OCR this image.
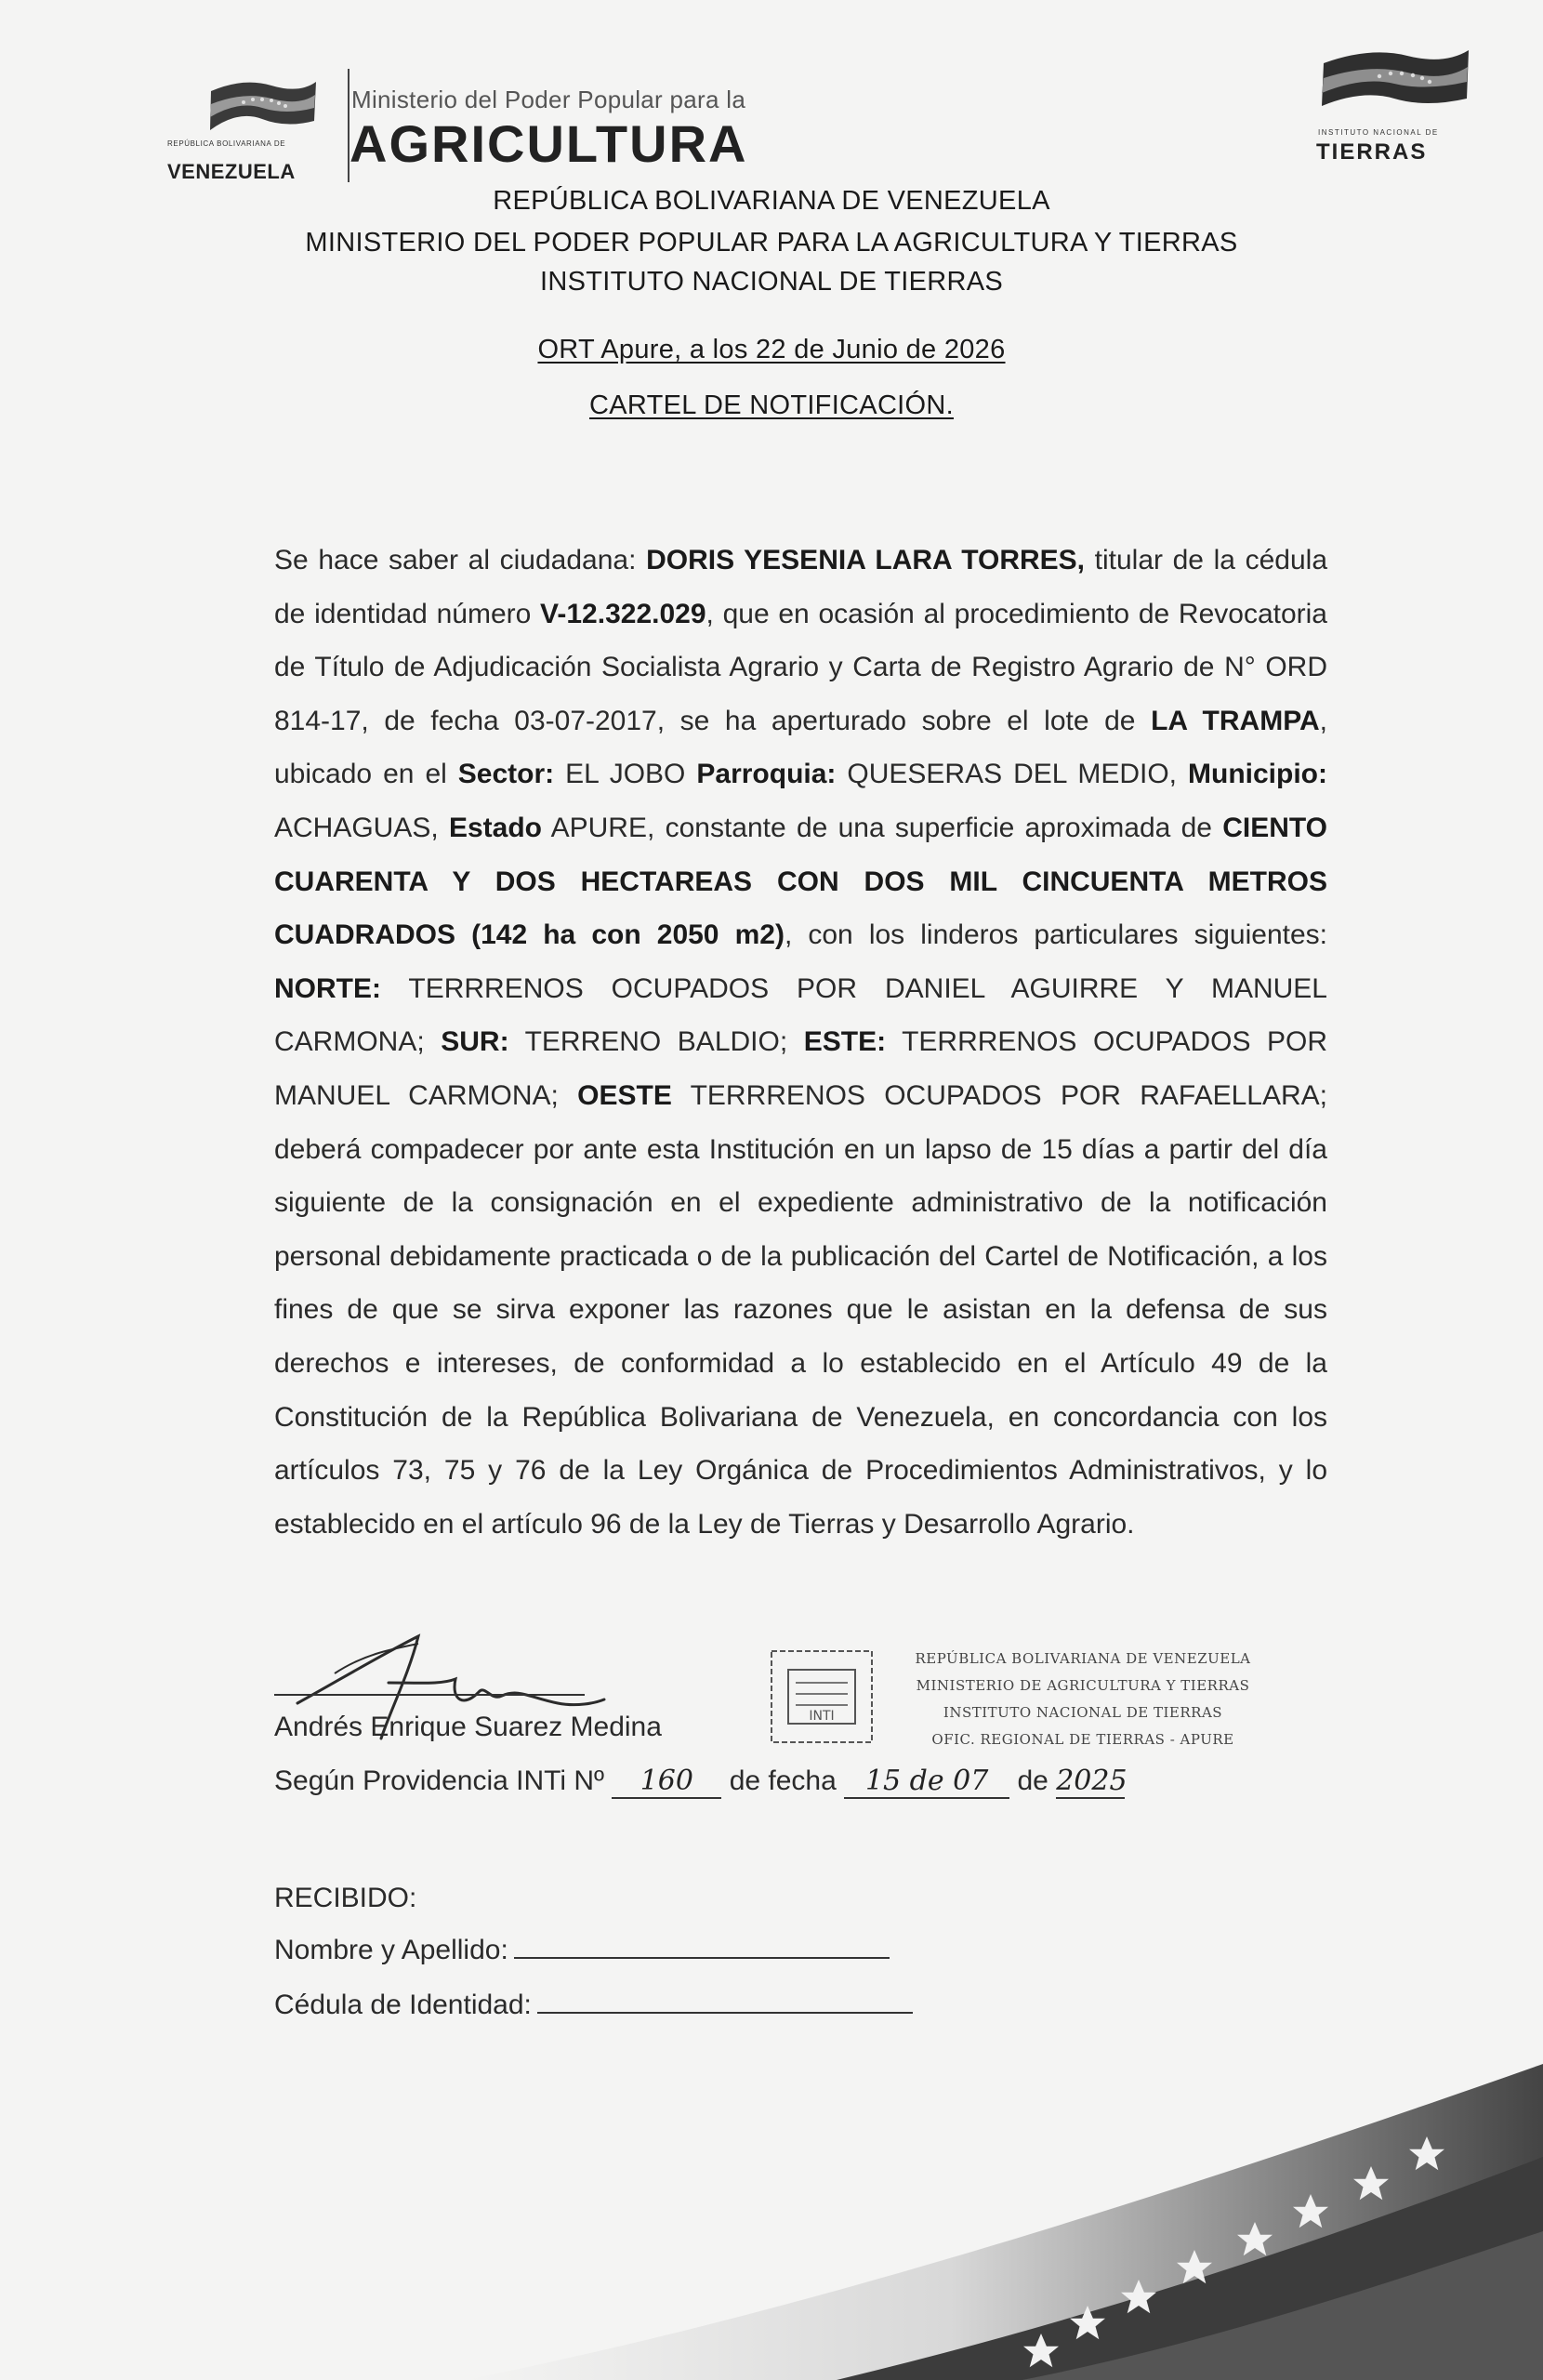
REPÚBLICA BOLIVARIANA DE
VENEZUELA
Ministerio del Poder Popular para la
AGRICULTURA	INSTITUTO NACIONAL DE
TIERRAS
REPÚBLICA BOLIVARIANA DE VENEZUELA
MINISTERIO DEL PODER POPULAR PARA LA AGRICULTURA Y TIERRAS
INSTITUTO NACIONAL DE TIERRAS
ORT Apure, a los 22 de Junio de 2026
CARTEL DE NOTIFICACIÓN.
Se hace saber al ciudadana: DORIS YESENIA LARA TORRES, titular de la cédula de identidad número V-12.322.029, que en ocasión al procedimiento de Revocatoria de Título de Adjudicación Socialista Agrario y Carta de Registro Agrario de N° ORD 814-17, de fecha 03-07-2017, se ha aperturado sobre el lote de LA TRAMPA, ubicado en el Sector: EL JOBO Parroquia: QUESERAS DEL MEDIO, Municipio: ACHAGUAS, Estado APURE, constante de una superficie aproximada de CIENTO CUARENTA Y DOS HECTAREAS CON DOS MIL CINCUENTA METROS CUADRADOS (142 ha con 2050 m2), con los linderos particulares siguientes: NORTE: TERRRENOS OCUPADOS POR DANIEL AGUIRRE Y MANUEL CARMONA; SUR: TERRENO BALDIO; ESTE: TERRRENOS OCUPADOS POR MANUEL CARMONA; OESTE TERRRENOS OCUPADOS POR RAFAELLARA; deberá compadecer por ante esta Institución en un lapso de 15 días a partir del día siguiente de la consignación en el expediente administrativo de la notificación personal debidamente practicada o de la publicación del Cartel de Notificación, a los fines de que se sirva exponer las razones que le asistan en la defensa de sus derechos e intereses, de conformidad a lo establecido en el Artículo 49 de la Constitución de la República Bolivariana de Venezuela, en concordancia con los artículos 73, 75 y 76 de la Ley Orgánica de Procedimientos Administrativos, y lo establecido en el artículo 96 de la Ley de Tierras y Desarrollo Agrario.
Andrés Enrique Suarez Medina
Según Providencia INTi Nº 160 de fecha 15 de 07 de 2025
INTI
REPÚBLICA BOLIVARIANA DE VENEZUELA
MINISTERIO DE AGRICULTURA Y TIERRAS
INSTITUTO NACIONAL DE TIERRAS
OFIC. REGIONAL DE TIERRAS - APURE
RECIBIDO:
Nombre y Apellido:
Cédula de Identidad:
